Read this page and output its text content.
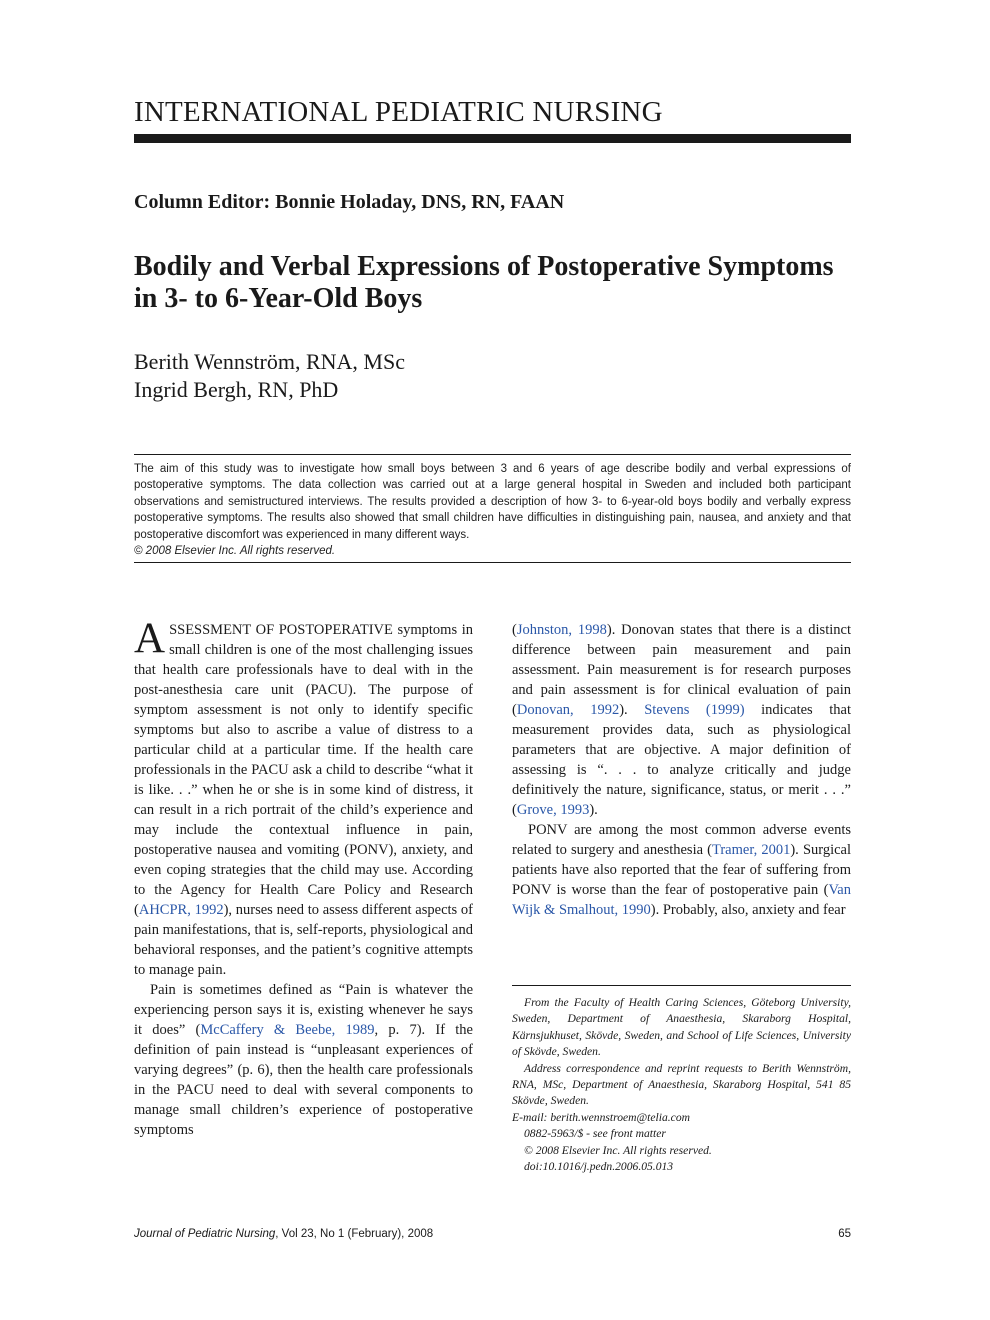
INTERNATIONAL PEDIATRIC NURSING
Column Editor: Bonnie Holaday, DNS, RN, FAAN
Bodily and Verbal Expressions of Postoperative Symptoms in 3- to 6-Year-Old Boys
Berith Wennström, RNA, MSc
Ingrid Bergh, RN, PhD
The aim of this study was to investigate how small boys between 3 and 6 years of age describe bodily and verbal expressions of postoperative symptoms. The data collection was carried out at a large general hospital in Sweden and included both participant observations and semistructured interviews. The results provided a description of how 3- to 6-year-old boys bodily and verbally express postoperative symptoms. The results also showed that small children have difficulties in distinguishing pain, nausea, and anxiety and that postoperative discomfort was experienced in many different ways.
© 2008 Elsevier Inc. All rights reserved.

ASSESSMENT OF POSTOPERATIVE symptoms in small children is one of the most challenging issues that health care professionals have to deal with in the post-anesthesia care unit (PACU). The purpose of symptom assessment is not only to identify specific symptoms but also to ascribe a value of distress to a particular child at a particular time. If the health care professionals in the PACU ask a child to describe “what it is like. . .” when he or she is in some kind of distress, it can result in a rich portrait of the child’s experience and may include the contextual influence in pain, postoperative nausea and vomiting (PONV), anxiety, and even coping strategies that the child may use. According to the Agency for Health Care Policy and Research (AHCPR, 1992), nurses need to assess different aspects of pain manifestations, that is, self-reports, physiological and behavioral responses, and the patient’s cognitive attempts to manage pain.

Pain is sometimes defined as “Pain is whatever the experiencing person says it is, existing whenever he says it does” (McCaffery & Beebe, 1989, p. 7). If the definition of pain instead is “unpleasant experiences of varying degrees” (p. 6), then the health care professionals in the PACU need to deal with several components to manage small children’s experience of postoperative symptoms

(Johnston, 1998). Donovan states that there is a distinct difference between pain measurement and pain assessment. Pain measurement is for research purposes and pain assessment is for clinical evaluation of pain (Donovan, 1992). Stevens (1999) indicates that measurement provides data, such as physiological parameters that are objective. A major definition of assessing is “. . . to analyze critically and judge definitively the nature, significance, status, or merit . . .” (Grove, 1993).

PONV are among the most common adverse events related to surgery and anesthesia (Tramer, 2001). Surgical patients have also reported that the fear of suffering from PONV is worse than the fear of postoperative pain (Van Wijk & Smalhout, 1990). Probably, also, anxiety and fear

From the Faculty of Health Caring Sciences, Göteborg University, Sweden, Department of Anaesthesia, Skaraborg Hospital, Kärnsjukhuset, Skövde, Sweden, and School of Life Sciences, University of Skövde, Sweden.

Address correspondence and reprint requests to Berith Wennström, RNA, MSc, Department of Anaesthesia, Skaraborg Hospital, 541 85 Skövde, Sweden.

E-mail: berith.wennstroem@telia.com

0882-5963/$ - see front matter

© 2008 Elsevier Inc. All rights reserved.

doi:10.1016/j.pedn.2006.05.013

Journal of Pediatric Nursing, Vol 23, No 1 (February), 2008	65
